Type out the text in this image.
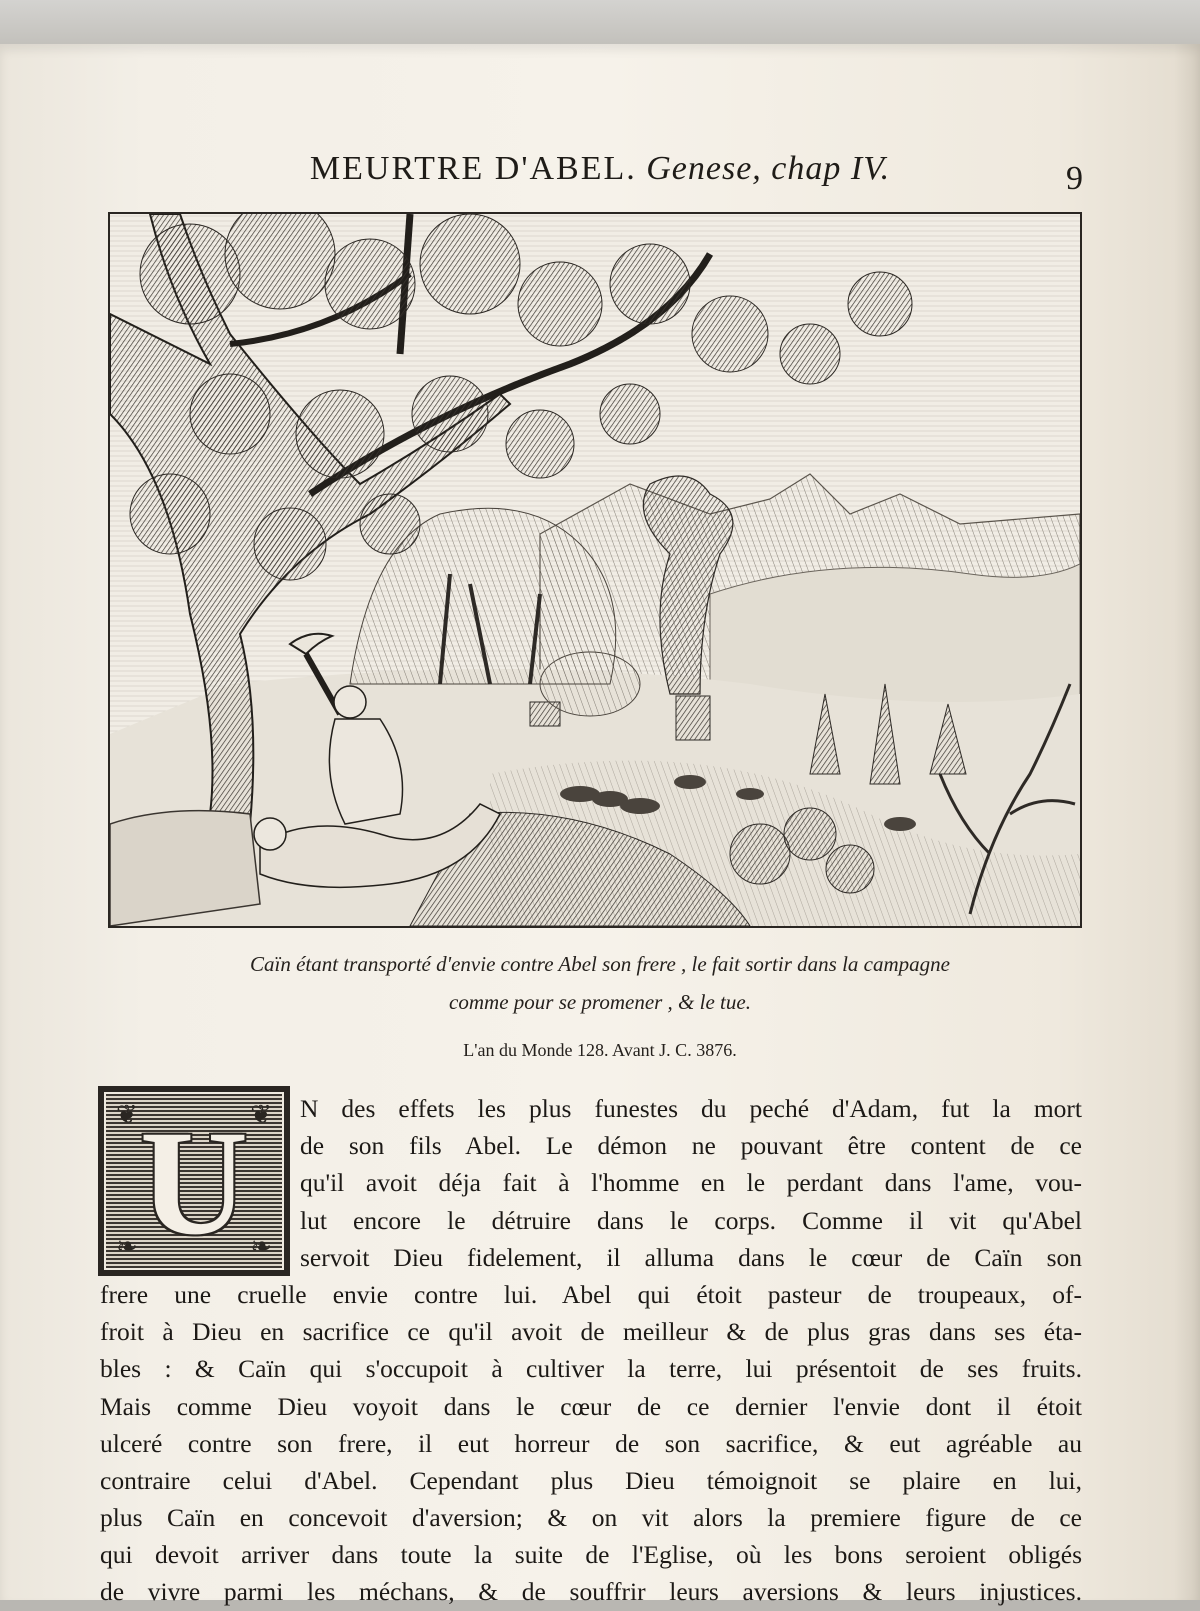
MEURTRE D'ABEL. Genese, chap IV.	9
Caïn étant transporté d'envie contre Abel son frere , le fait sortir dans la campagne
comme pour se promener , & le tue.
L'an du Monde 128. Avant J. C. 3876.
❦	❦
❧	❧
U	N des effets les plus funestes du peché d'Adam, fut la mort
de son fils Abel. Le démon ne pouvant être content de ce
qu'il avoit déja fait à l'homme en le perdant dans l'ame, vou-
lut encore le détruire dans le corps. Comme il vit qu'Abel
servoit Dieu fidelement, il alluma dans le cœur de Caïn son
frere une cruelle envie contre lui. Abel qui étoit pasteur de troupeaux, of-
froit à Dieu en sacrifice ce qu'il avoit de meilleur & de plus gras dans ses éta-
bles : & Caïn qui s'occupoit à cultiver la terre, lui présentoit de ses fruits.
Mais comme Dieu voyoit dans le cœur de ce dernier l'envie dont il étoit
ulceré contre son frere, il eut horreur de son sacrifice, & eut agréable au
contraire celui d'Abel. Cependant plus Dieu témoignoit se plaire en lui,
plus Caïn en concevoit d'aversion; & on vit alors la premiere figure de ce
qui devoit arriver dans toute la suite de l'Eglise, où les bons seroient obligés
de vivre parmi les méchans, & de souffrir leurs aversions & leurs injustices.
